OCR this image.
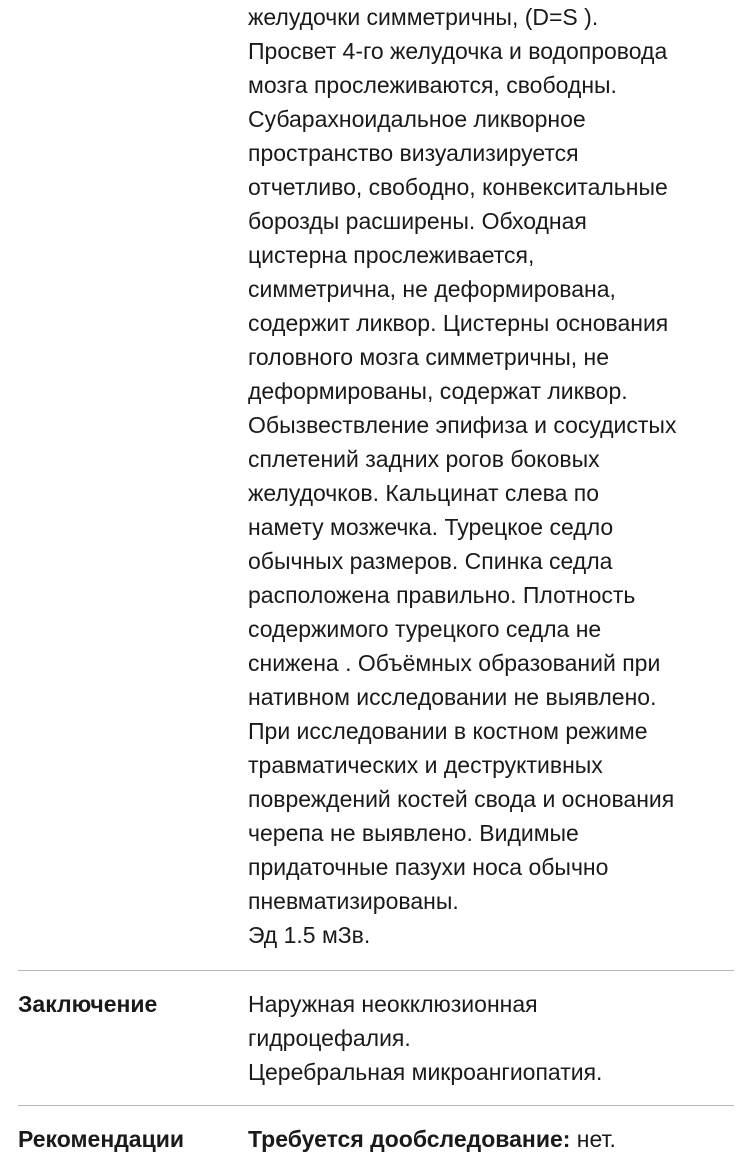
желудочки симметричны, (D=S ).

Просвет 4-го желудочка и водопровода

мозга прослеживаются, свободны.

Субарахноидальное ликворное

пространство визуализируется

отчетливо, свободно, конвекситальные

борозды расширены. Обходная

цистерна прослеживается,

симметрична, не деформирована,

содержит ликвор. Цистерны основания

головного мозга симметричны, не

деформированы, содержат ликвор.

Обызвествление эпифиза и сосудистых

сплетений задних рогов боковых

желудочков. Кальцинат слева по

намету мозжечка. Турецкое седло

обычных размеров. Спинка седла

расположена правильно. Плотность

содержимого турецкого седла не

снижена . Объёмных образований при

нативном исследовании не выявлено.

При исследовании в костном режиме

травматических и деструктивных

повреждений костей свода и основания

черепа не выявлено. Видимые

придаточные пазухи носа обычно

пневматизированы.

Эд 1.5 мЗв.

Заключение	Наружная неокклюзионная

гидроцефалия.

Церебральная микроангиопатия.

Рекомендации	Требуется дообследование: нет.
